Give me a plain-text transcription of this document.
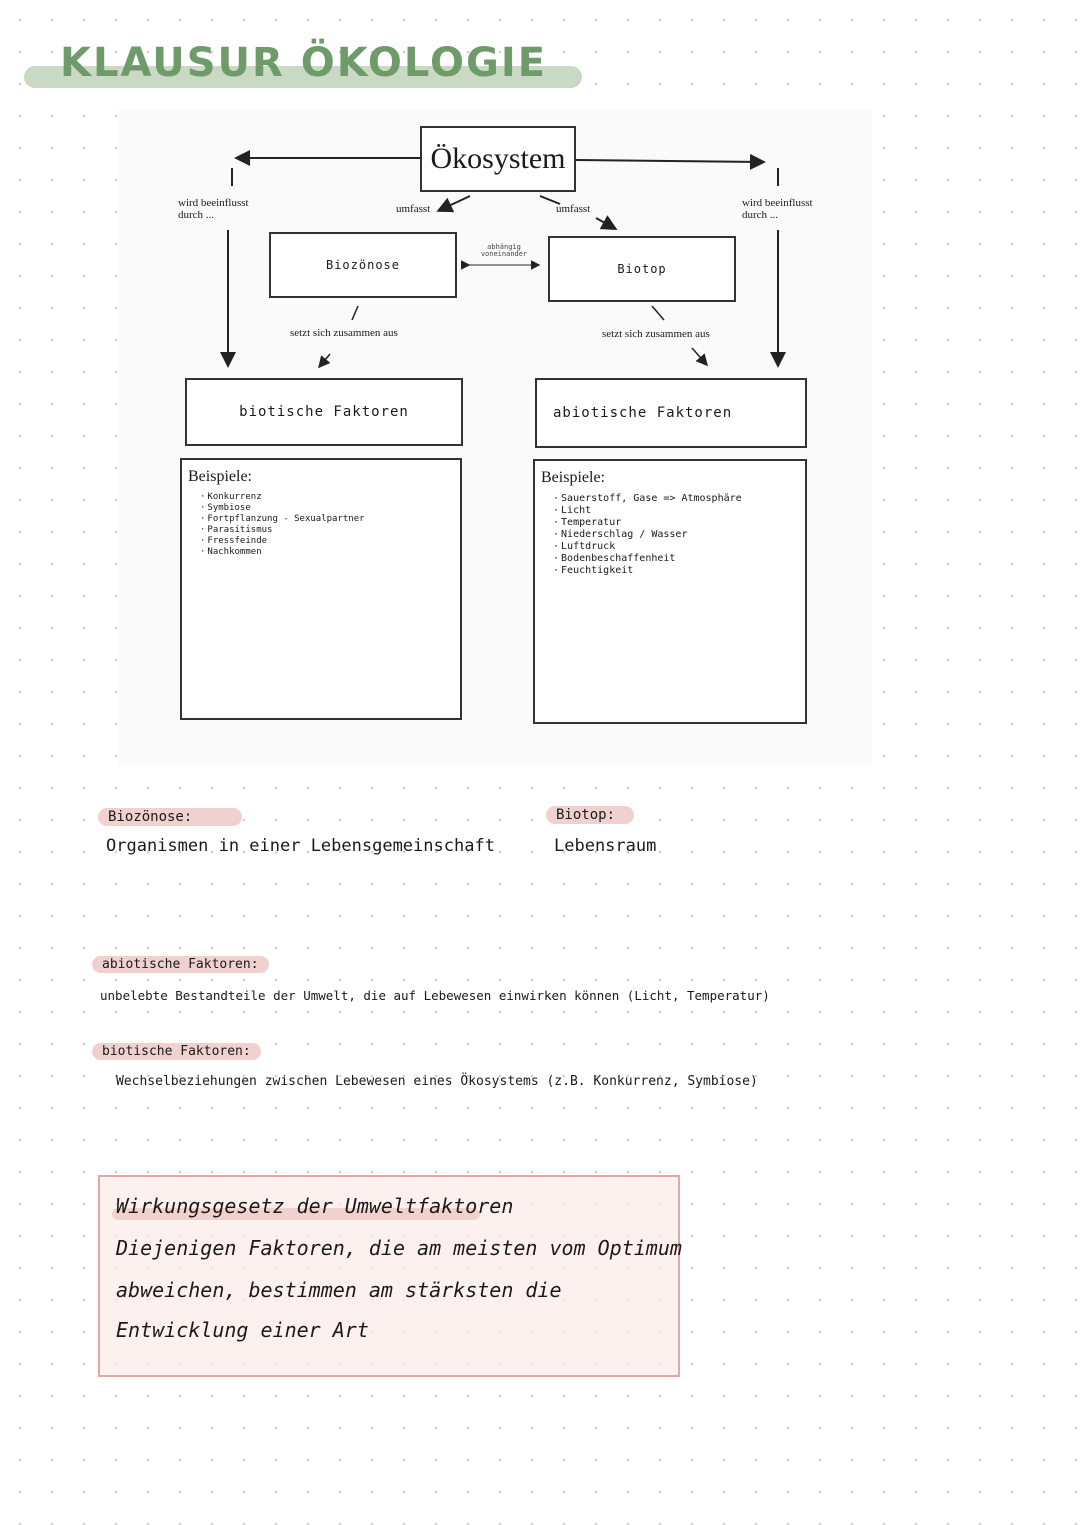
KLAUSUR ÖKOLOGIE
Ökosystem
wird beeinflusst durch ...
wird beeinflusst durch ...
umfasst	umfasst
Biozönose	Biotop
abhängig voneinander
setzt sich zusammen aus	setzt sich zusammen aus
biotische Faktoren	abiotische Faktoren
Beispiele:
· Konkurrenz
· Symbiose
· Fortpflanzung - Sexualpartner
· Parasitismus
· Fressfeinde
· Nachkommen
Beispiele:
· Sauerstoff, Gase => Atmosphäre
· Licht
· Temperatur
· Niederschlag / Wasser
· Luftdruck
· Bodenbeschaffenheit
· Feuchtigkeit
Biozönose:
Organismen in einer Lebensgemeinschaft
Biotop:
Lebensraum
abiotische Faktoren:
unbelebte Bestandteile der Umwelt, die auf Lebewesen einwirken können (Licht, Temperatur)
biotische Faktoren:
Wechselbeziehungen zwischen Lebewesen eines Ökosystems (z.B. Konkurrenz, Symbiose)
Wirkungsgesetz der Umweltfaktoren
Diejenigen Faktoren, die am meisten vom Optimum
abweichen, bestimmen am stärksten die
Entwicklung einer Art
